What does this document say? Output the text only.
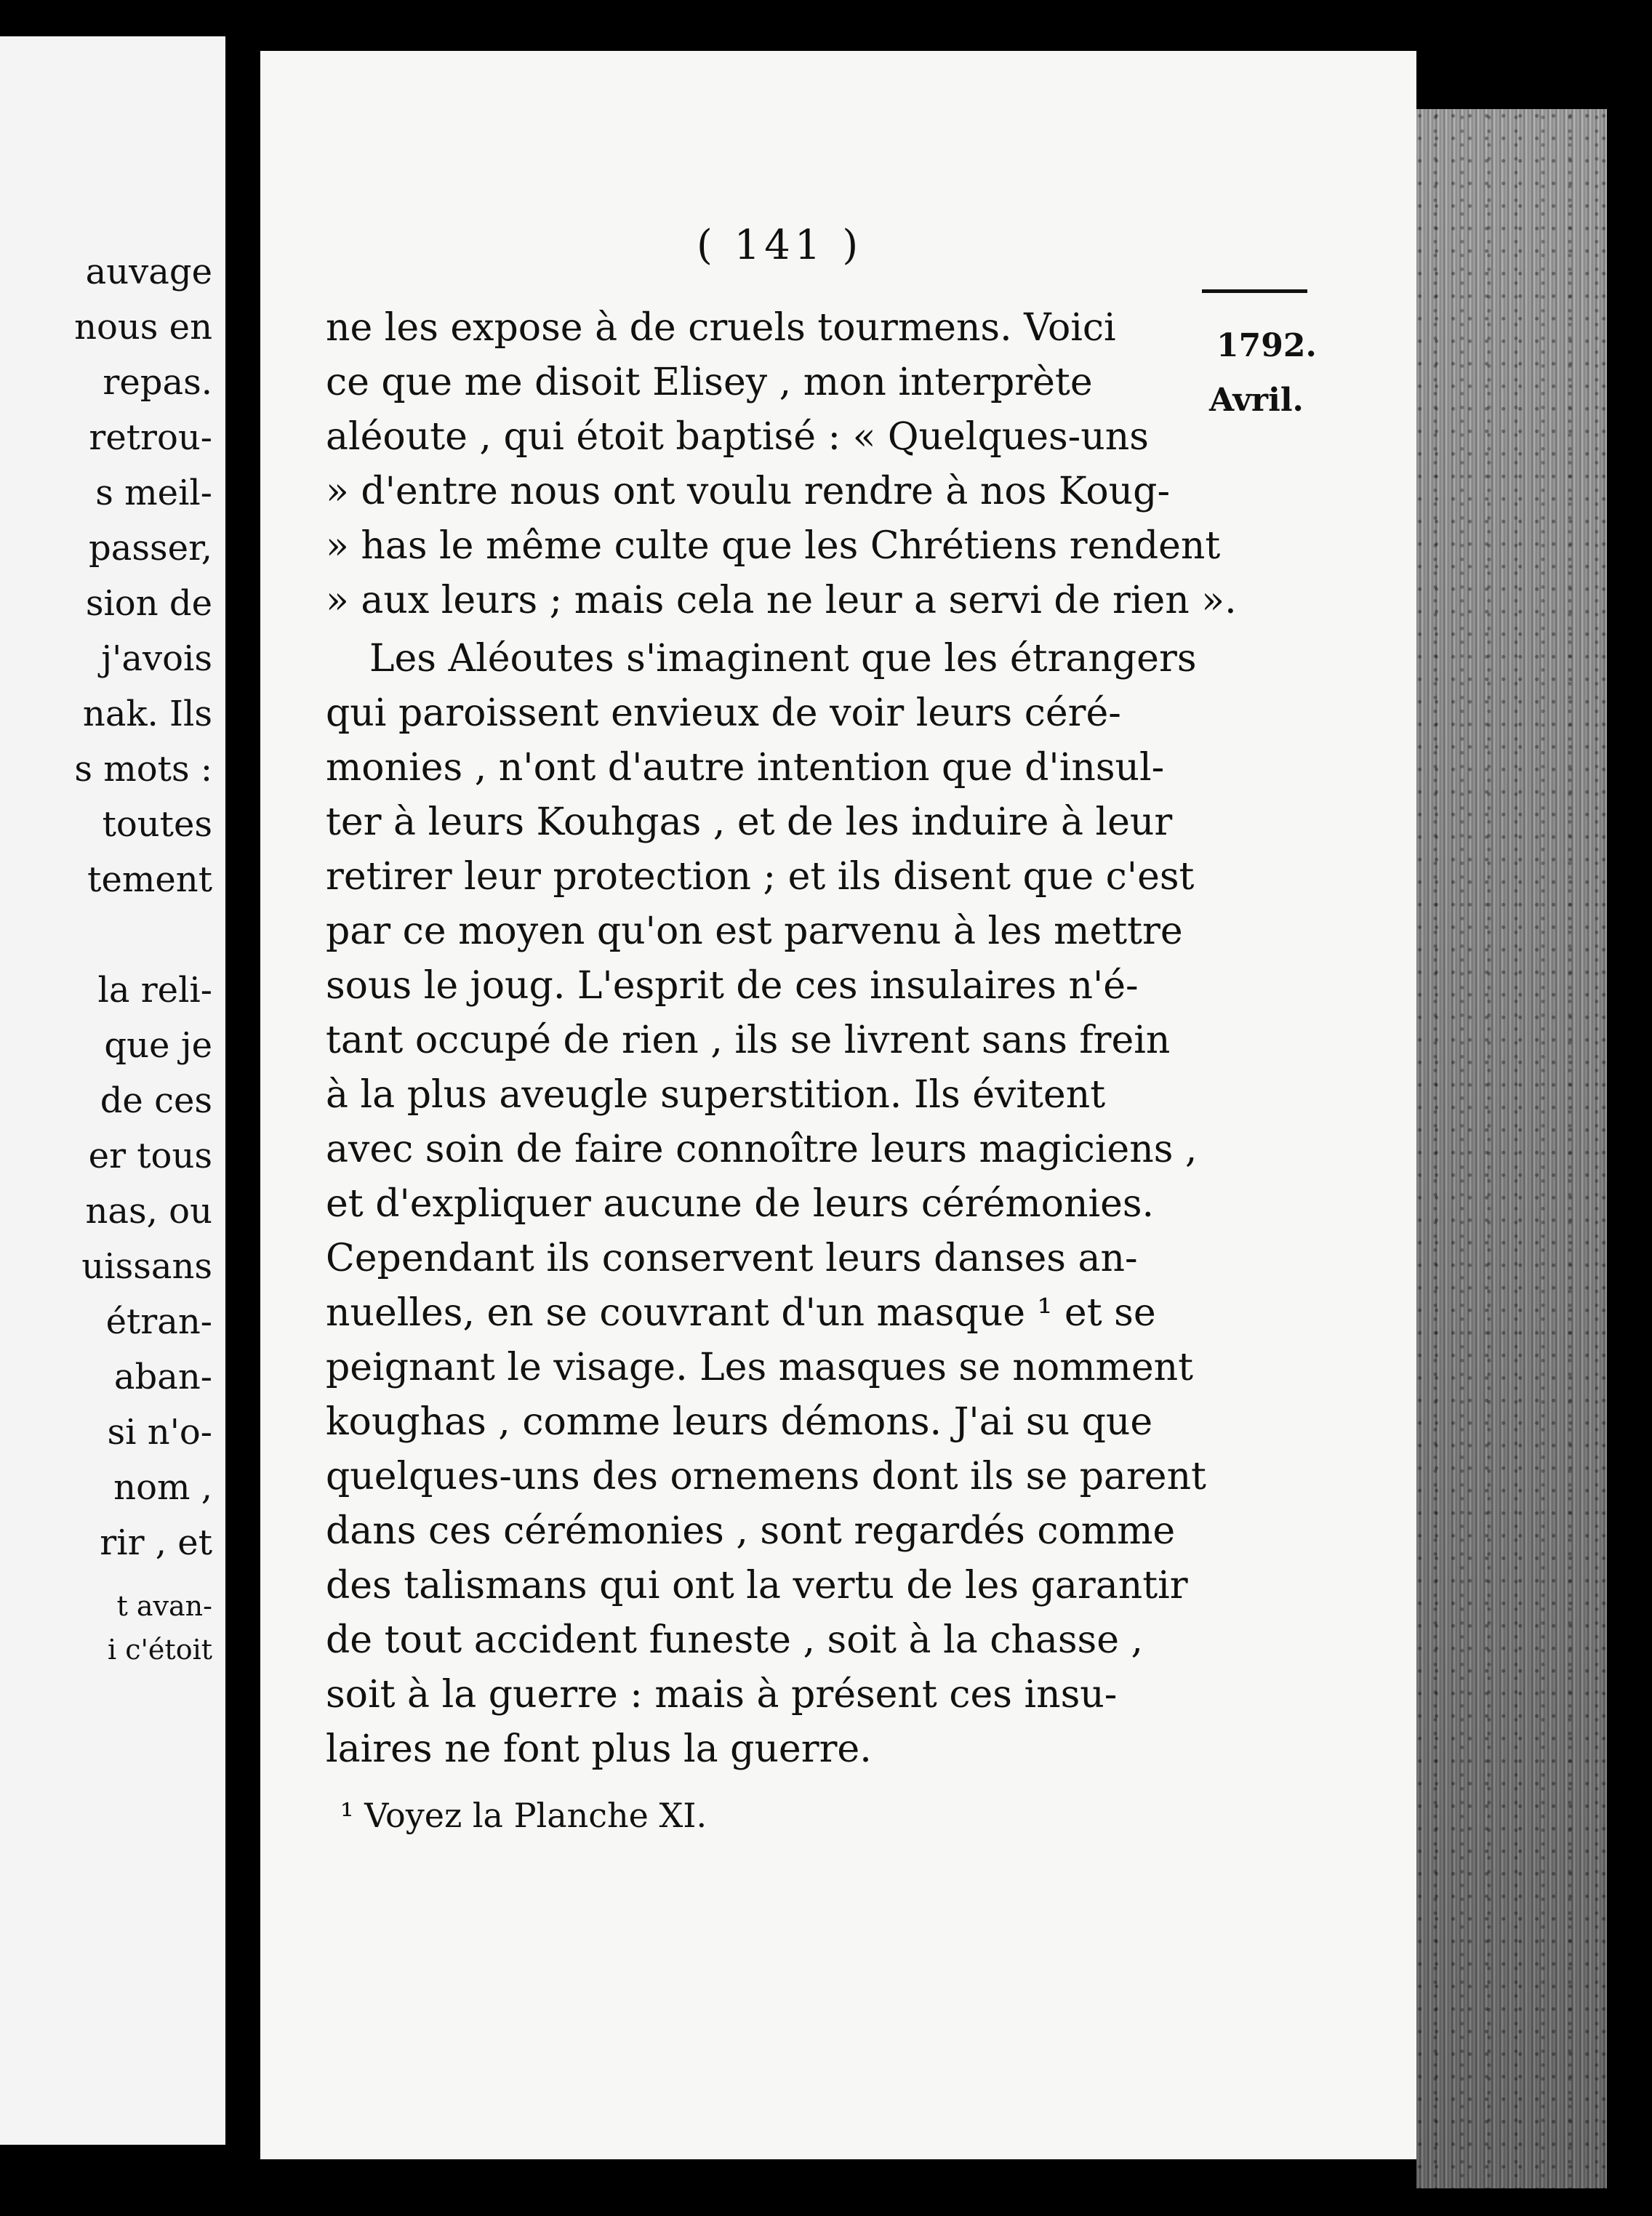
auvage
nous en
repas.
retrou-
s meil-
passer,
sion de
j'avois
nak. Ils
s mots :
toutes
tement
la reli-
que je
de ces
er tous
nas, ou
uissans
étran-
aban-
si n'o-
nom ,
rir , et
t avan-
i c'étoit
( 141 )
1792.
Avril.
ne les expose à de cruels tourmens. Voici
ce que me disoit Elisey , mon interprète
aléoute , qui étoit baptisé : « Quelques-uns
» d'entre nous ont voulu rendre à nos Koug-
» has le même culte que les Chrétiens rendent
» aux leurs ; mais cela ne leur a servi de rien ».
Les Aléoutes s'imaginent que les étrangers
qui paroissent envieux de voir leurs céré-
monies , n'ont d'autre intention que d'insul-
ter à leurs Kouhgas , et de les induire à leur
retirer leur protection ; et ils disent que c'est
par ce moyen qu'on est parvenu à les mettre
sous le joug. L'esprit de ces insulaires n'é-
tant occupé de rien , ils se livrent sans frein
à la plus aveugle superstition. Ils évitent
avec soin de faire connoître leurs magiciens ,
et d'expliquer aucune de leurs cérémonies.
Cependant ils conservent leurs danses an-
nuelles, en se couvrant d'un masque ¹ et se
peignant le visage. Les masques se nomment
koughas , comme leurs démons. J'ai su que
quelques-uns des ornemens dont ils se parent
dans ces cérémonies , sont regardés comme
des talismans qui ont la vertu de les garantir
de tout accident funeste , soit à la chasse ,
soit à la guerre : mais à présent ces insu-
laires ne font plus la guerre.
¹ Voyez la Planche XI.
